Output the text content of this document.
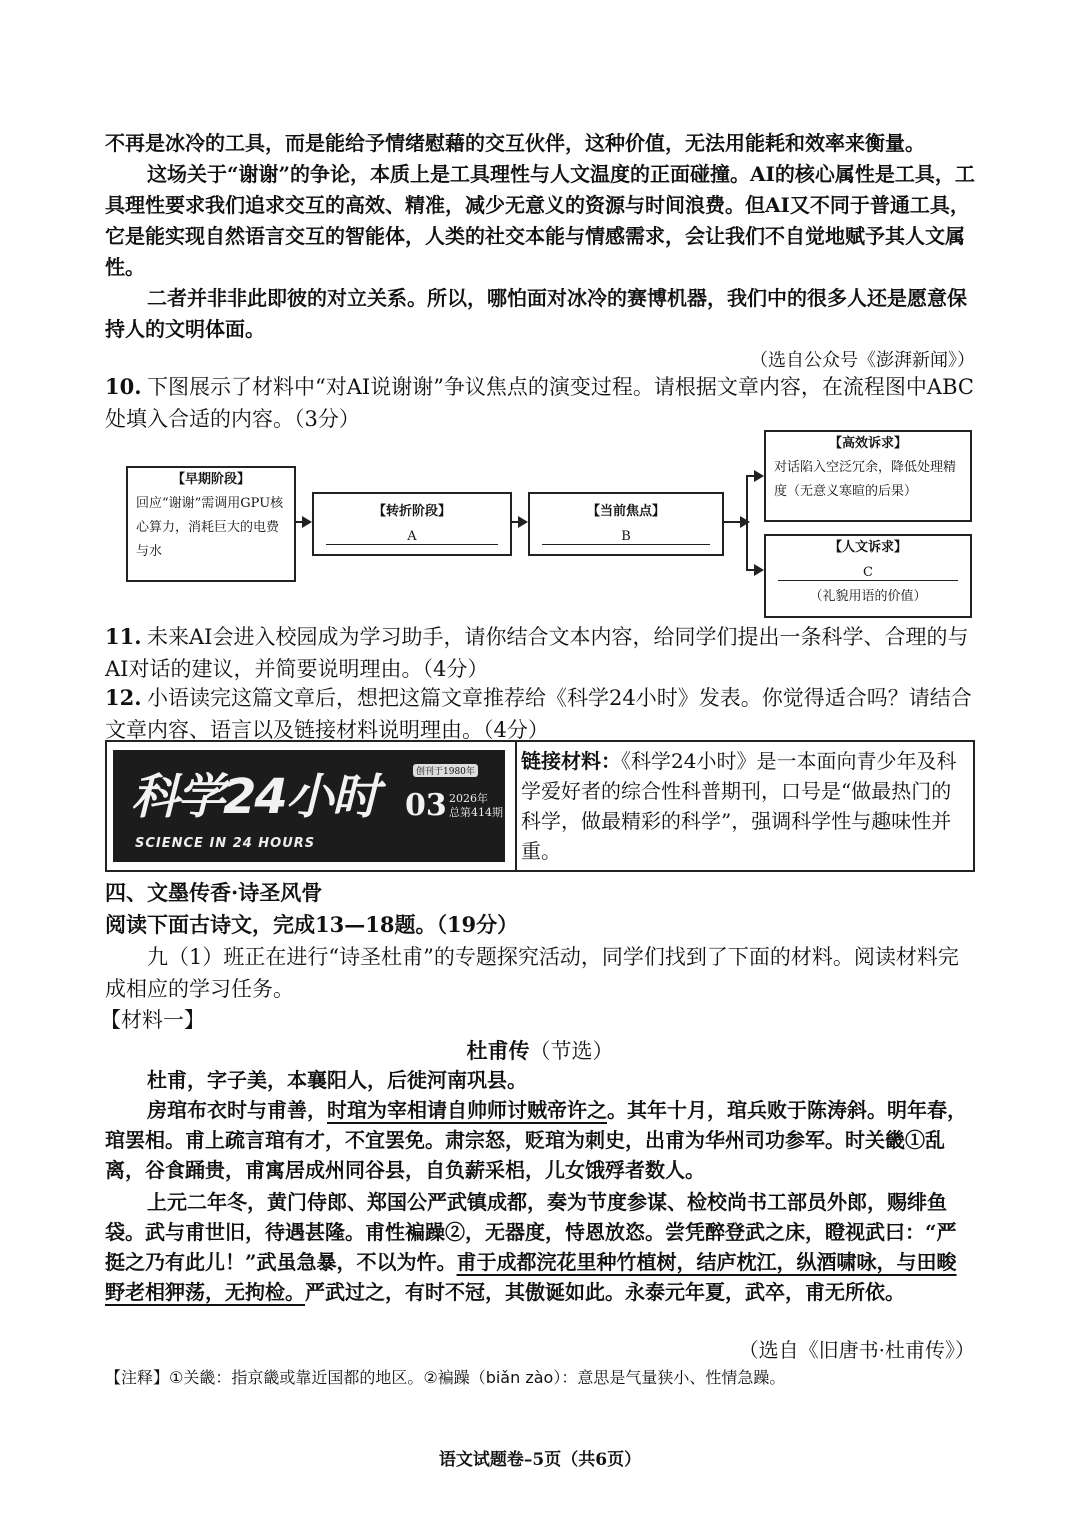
不再是冰冷的工具，而是能给予情绪慰藉的交互伙伴，这种价值，无法用能耗和效率来衡量。
这场关于“谢谢”的争论，本质上是工具理性与人文温度的正面碰撞。AI的核心属性是工具，工具理性要求我们追求交互的高效、精准，减少无意义的资源与时间浪费。但AI又不同于普通工具，它是能实现自然语言交互的智能体，人类的社交本能与情感需求，会让我们不自觉地赋予其人文属性。
二者并非非此即彼的对立关系。所以，哪怕面对冰冷的赛博机器，我们中的很多人还是愿意保持人的文明体面。
（选自公众号《澎湃新闻》）
10. 下图展示了材料中“对AI说谢谢”争议焦点的演变过程。请根据文章内容，在流程图中ABC处填入合适的内容。（3分）
【早期阶段】
回应“谢谢”需调用GPU核心算力，消耗巨大的电费与水
【转折阶段】
A
【当前焦点】
B
【高效诉求】
对话陷入空泛冗余，降低处理精度（无意义寒暄的后果）
【人文诉求】
C
（礼貌用语的价值）
11. 未来AI会进入校园成为学习助手，请你结合文本内容，给同学们提出一条科学、合理的与AI对话的建议，并简要说明理由。（4分）
12. 小语读完这篇文章后，想把这篇文章推荐给《科学24小时》发表。你觉得适合吗？请结合文章内容、语言以及链接材料说明理由。（4分）
科学24小时
SCIENCE IN 24 HOURS
创刊于1980年
03 2026年
总第414期
链接材料：《科学24小时》是一本面向青少年及科学爱好者的综合性科普期刊，口号是“做最热门的科学，做最精彩的科学”，强调科学性与趣味性并重。
四、文墨传香·诗圣风骨
阅读下面古诗文，完成13—18题。（19分）
九（1）班正在进行“诗圣杜甫”的专题探究活动，同学们找到了下面的材料。阅读材料完成相应的学习任务。
【材料一】
杜甫传（节选）
杜甫，字子美，本襄阳人，后徙河南巩县。
房琯布衣时与甫善，时琯为宰相请自帅师讨贼帝许之。其年十月，琯兵败于陈涛斜。明年春，琯罢相。甫上疏言琯有才，不宜罢免。肃宗怒，贬琯为刺史，出甫为华州司功参军。时关畿①乱离，谷食踊贵，甫寓居成州同谷县，自负薪采梠，儿女饿殍者数人。
上元二年冬，黄门侍郎、郑国公严武镇成都，奏为节度参谋、检校尚书工部员外郎，赐绯鱼袋。武与甫世旧，待遇甚隆。甫性褊躁②，无器度，恃恩放恣。尝凭醉登武之床，瞪视武曰：“严挺之乃有此儿！”武虽急暴，不以为忤。甫于成都浣花里种竹植树，结庐枕江，纵酒啸咏，与田畯野老相狎荡，无拘检。严武过之，有时不冠，其傲诞如此。永泰元年夏，武卒，甫无所依。
（选自《旧唐书·杜甫传》）
【注释】①关畿：指京畿或靠近国都的地区。②褊躁（biǎn zào）：意思是气量狭小、性情急躁。
语文试题卷–5页（共6页）
